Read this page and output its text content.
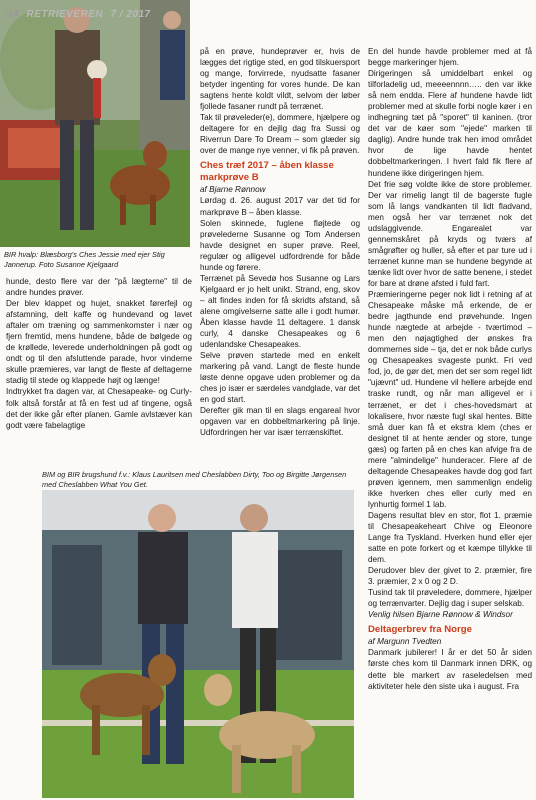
34 RETRIEVEREN 7 / 2017
BIR hvalp: Blæsborg's Ches Jessie med ejer Stig Jannerup. Foto Susanne Kjelgaard

hunde, desto flere var der "på lægterne" til de andre hundes prøver.

Der blev klappet og hujet, snakket førerfejl og afstamning, delt kaffe og hundevand og lavet aftaler om træning og sammenkomster i nær og fjern fremtid, mens hundene, både de bølgede og de krøllede, leverede underholdningen på godt og ondt og til den afsluttende parade, hvor vinderne skulle præmieres, var langt de fleste af deltagerne stadig til stede og klappede højt og længe!

Indtrykket fra dagen var, at Chesapeake- og Curly-folk altså forstår at få en fest ud af tingene, også det der ikke går efter planen. Gamle avlstæver kan godt være fabelagtige

på en prøve, hundeprøver er, hvis de lægges det rigtige sted, en god tilskuersport og mange, forvirrede, nyudsatte fasaner betyder ingenting for vores hunde. De kan sagtens hente koldt vildt, selvom der løber fjollede fasaner rundt på terrænet.

Tak til prøveleder(e), dommere, hjælpere og deltagere for en dejlig dag fra Sussi og Riverrun Dare To Dream – som glæder sig over de mange nye venner, vi fik på prøven.

Ches træf 2017 – åben klasse markprøve B

af Bjarne Rønnow

Lørdag d. 26. august 2017 var det tid for markprøve B – åben klasse.

Solen skinnede, fuglene fløjtede og prøvelederne Susanne og Tom Andersen havde designet en super prøve. Reel, regulær og alligevel udfordrende for både hunde og førere.

Terrænet på Sevedø hos Susanne og Lars Kjelgaard er jo helt unikt. Strand, eng, skov – alt findes inden for få skridts afstand, så alene omgivelserne satte alle i godt humør. Åben klasse havde 11 deltagere. 1 dansk curly, 4 danske Chesapeakes og 6 udenlandske Chesapeakes.

Selve prøven startede med en enkelt markering på vand. Langt de fleste hunde løste denne opgave uden problemer og da ches jo især er særdeles vandglade, var det en god start.

Derefter gik man til en slags engareal hvor opgaven var en dobbeltmarkering på linje. Udfordringen her var især terrænskiftet.

BIM og BIR brugshund f.v.: Klaus Lauritsen med Cheslabben Dirty, Too og Birgitte Jørgensen med Cheslabben What You Get.

En del hunde havde problemer med at få begge markeringer hjem.

Dirigeringen så umiddelbart enkel og tilforladelig ud, meeeennnn….. den var ikke så nem endda. Flere af hundene havde lidt problemer med at skulle forbi nogle køer i en indhegning tæt på "sporet" til kaninen. (tror det var de køer som "ejede" marken til daglig). Andre hunde trak hen imod området hvor de lige havde hentet dobbeltmarkeringen. I hvert fald fik flere af hundene ikke dirigeringen hjem.

Det frie søg voldte ikke de store problemer. Der var rimelig langt til de bagerste fugle som lå langs vandkanten til lidt fladvand, men også her var terrænet nok det udslaggivende. Engarealet var gennemskåret på kryds og tværs af smågrøfter og huller, så efter et par ture ud i terrænet kunne man se hundene begynde at tænke lidt over hvor de satte benene, i stedet for bare at drøne afsted i fuld fart.

Præmieringerne peger nok lidt i retning af at Chesapeake måske må erkende, de er bedre jagthunde end prøvehunde. Ingen hunde nægtede at arbejde - tværtimod – men den nøjagtighed der ønskes fra dommernes side – tja, det er nok både curlys og Chesapeakes svageste punkt. Fri ved fod, jo, de gør det, men det ser som regel lidt "ujævnt" ud. Hundene vil hellere arbejde end traske rundt, og når man alligevel er i terrænet, er det i ches-hovedsmart at lokalisere, hvor næste fugl skal hentes. Bitte små duer kan få et ekstra klem (ches er designet til at hente ænder og store, tunge gæs) og farten på en ches kan afvige fra de mere "almindelige" hunderacer. Flere af de deltagende Chesapeakes havde dog god fart prøven igennem, men sammenlign endelig ikke hverken ches eller curly med en lynhurtig formel 1 lab.

Dagens resultat blev en stor, flot 1. præmie til Chesapeakeheart Chive og Eleonore Lange fra Tyskland. Hverken hund eller ejer satte en pote forkert og et kæmpe tillykke til dem.

Derudover blev der givet to 2. præmier, fire 3. præmier, 2 x 0 og 2 D.

Tusind tak til prøveledere, dommere, hjælper og terrænvarter. Dejlig dag i super selskab.

Venlig hilsen Bjarne Rønnow & Windsor

Deltagerbrev fra Norge

af Margunn Tvedten

Danmark jubilerer! I år er det 50 år siden første ches kom til Danmark innen DRK, og dette ble markert av raseledelsen med aktiviteter hele den siste uka i august. Fra
